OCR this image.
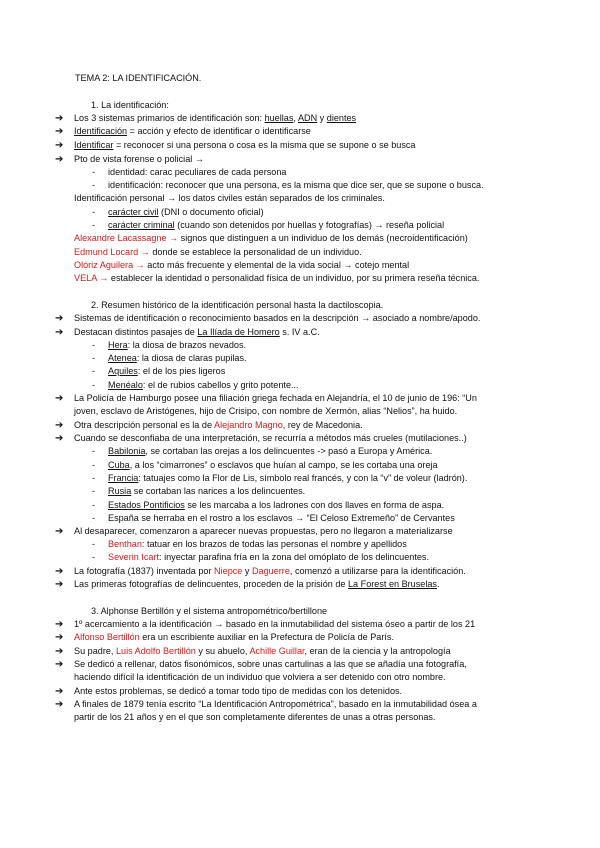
TEMA 2: LA IDENTIFICACIÓN.
1. La identificación:
➔ Los 3 sistemas primarios de identificación son: huellas, ADN y dientes
➔ Identificación = acción y efecto de identificar o identificarse
➔ Identificar = reconocer si una persona o cosa es la misma que se supone o se busca
➔ Pto de vista forense o policial →
- identidad: carac peculiares de cada persona
- identificación: reconocer que una persona, es la misma que dice ser, que se supone o busca.
Identificación personal → los datos civiles están separados de los criminales.
- carácter civil (DNI o documento oficial)
- carácter criminal (cuando son detenidos por huellas y fotografías) → reseña policial
Alexandre Lacassagne → signos que distinguen a un individuo de los demás (necroidentificación)
Edmund Locard → donde se establece la personalidad de un individuo.
Olóriz Aguilera → acto más frecuente y elemental de la vida social → cotejo mental
VELA → establecer la identidad o personalidad física de un individuo, por su primera reseña técnica.
2. Resumen histórico de la identificación personal hasta la dactiloscopia.
➔ Sistemas de identificación o reconocimiento basados en la descripción → asociado a nombre/apodo.
➔ Destacan distintos pasajes de La Ilíada de Homero s. IV a.C.
- Hera: la diosa de brazos nevados.
- Atenea: la diosa de claras pupilas.
- Aquiles: el de los pies ligeros
- Menéalo: el de rubios cabellos y grito potente...
➔ La Policía de Hamburgo posee una filiación griega fechada en Alejandría, el 10 de junio de 196: “Un
joven, esclavo de Aristógenes, hijo de Crisipo, con nombre de Xermón, alias “Nelios”, ha huido.
➔ Otra descripción personal es la de Alejandro Magno, rey de Macedonia.
➔ Cuando se desconfiaba de una interpretación, se recurría a métodos más crueles (mutilaciones..)
- Babilonia, se cortaban las orejas a los delincuentes -> pasó a Europa y América.
- Cuba, a los “cimarrones” o esclavos que huían al campo, se les cortaba una oreja
- Francia: tatuajes como la Flor de Lis, símbolo real francés, y con la “v” de voleur (ladrón).
- Rusia se cortaban las narices a los delincuentes.
- Estados Pontificios se les marcaba a los ladrones con dos llaves en forma de aspa.
- España se herraba en el rostro a los esclavos → “El Celoso Extremeño” de Cervantes
➔ Al desaparecer, comenzaron a aparecer nuevas propuestas, pero no llegaron a materializarse
- Benthan: tatuar en los brazos de todas las personas el nombre y apellidos
- Severin Icart: inyectar parafina fría en la zona del omóplato de los delincuentes.
➔ La fotografía (1837) inventada por Niepce y Daguerre, comenzó a utilizarse para la identificación.
➔ Las primeras fotografías de delincuentes, proceden de la prisión de La Forest en Bruselas.
3. Alphonse Bertillón y el sistema antropométrico/bertillone
➔ 1º acercamiento a la identificación → basado en la inmutabilidad del sistema óseo a partir de los 21
➔ Alfonso Bertillón era un escribiente auxiliar en la Prefectura de Policía de París.
➔ Su padre, Luis Adolfo Bertillón y su abuelo, Achille Guillar, eran de la ciencia y la antropología
➔ Se dedicó a rellenar, datos fisonómicos, sobre unas cartulinas a las que se añadía una fotografía,
haciendo difícil la identificación de un individuo que volviera a ser detenido con otro nombre.
➔ Ante estos problemas, se dedicó a tomar todo tipo de medidas con los detenidos.
➔ A finales de 1879 tenía escrito “La Identificación Antropométrica”, basado en la inmutabilidad ósea a
partir de los 21 años y en el que son completamente diferentes de unas a otras personas.
